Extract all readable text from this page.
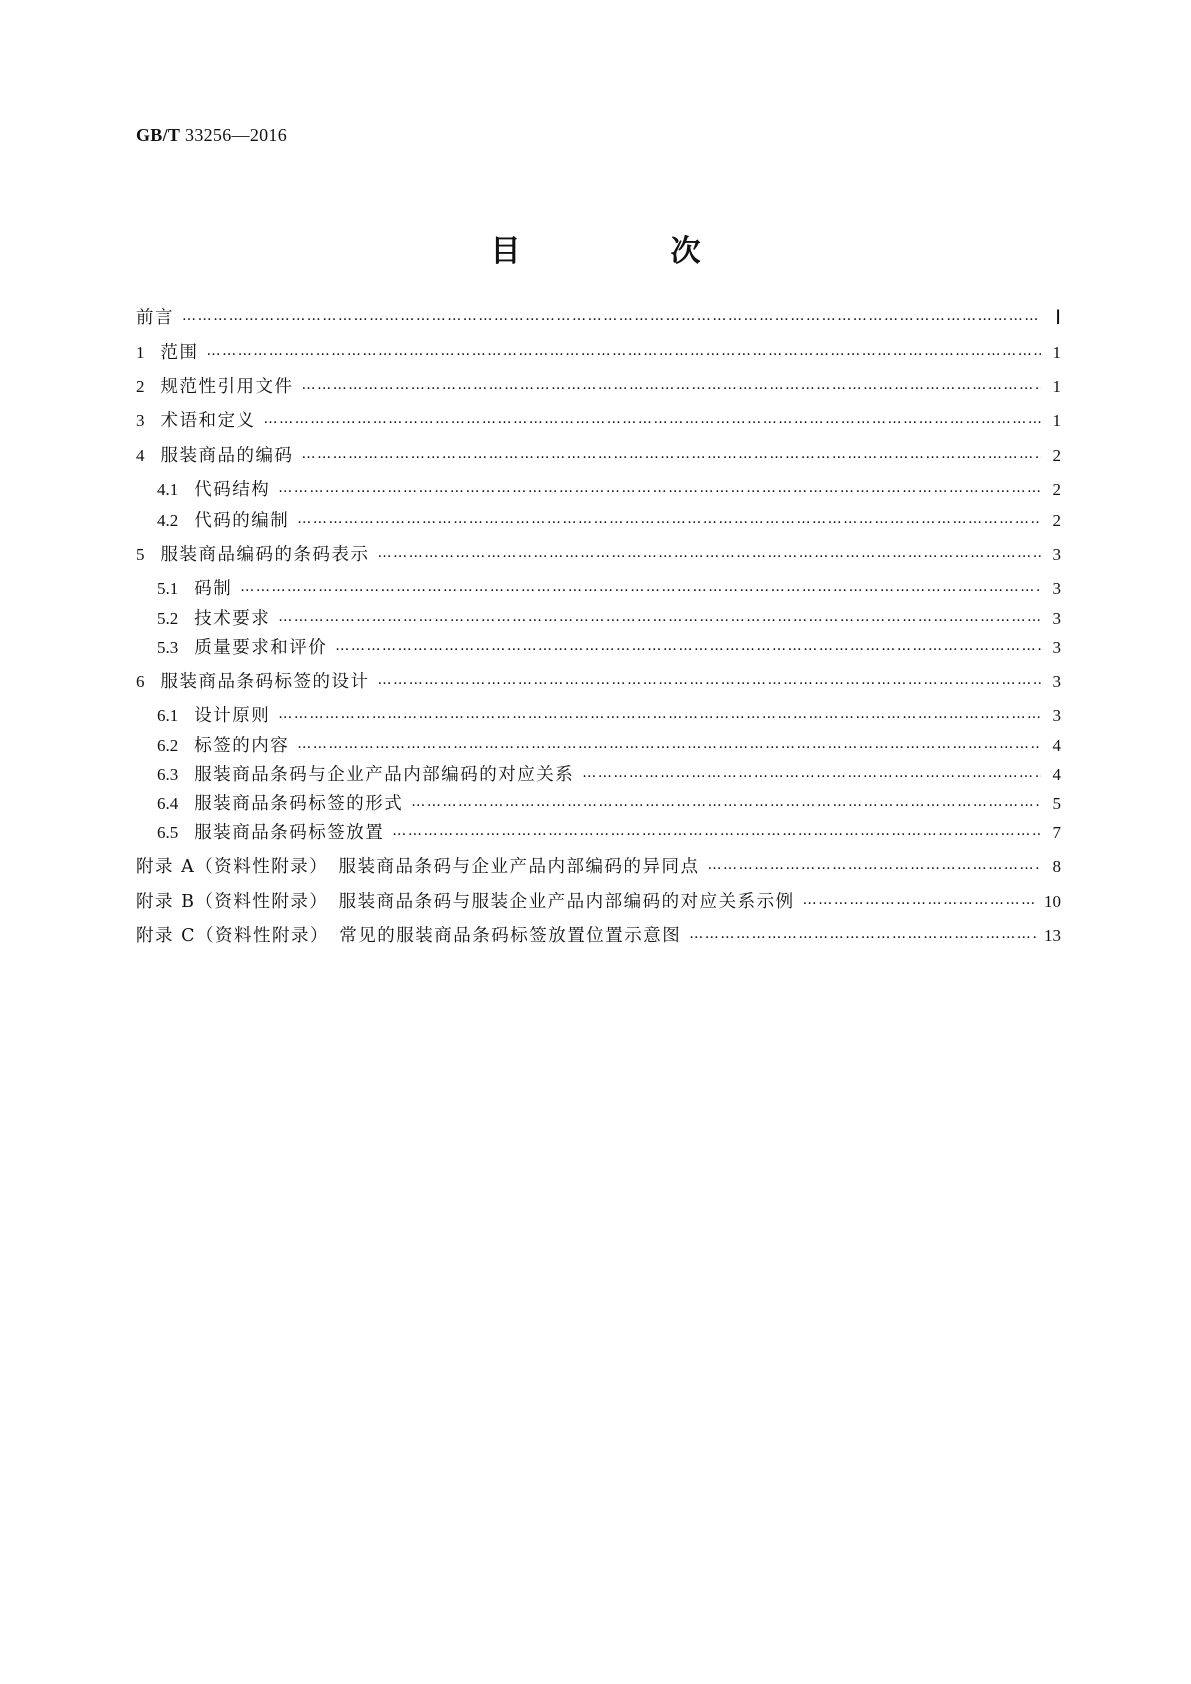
GB/T 33256—2016
目　次
前言 ……………………………………………………………………………………………………………………………………………………………………………………………	Ⅰ
1 范围 ……………………………………………………………………………………………………………………………………………………………………………………………	1
2 规范性引用文件 ……………………………………………………………………………………………………………………………………………………………………………………………	1
3 术语和定义 ……………………………………………………………………………………………………………………………………………………………………………………………	1
4 服装商品的编码 ……………………………………………………………………………………………………………………………………………………………………………………………	2
4.1 代码结构 ……………………………………………………………………………………………………………………………………………………………………………………………	2
4.2 代码的编制 ……………………………………………………………………………………………………………………………………………………………………………………………	2
5 服装商品编码的条码表示 ……………………………………………………………………………………………………………………………………………………………………………………………	3
5.1 码制 ……………………………………………………………………………………………………………………………………………………………………………………………	3
5.2 技术要求 ……………………………………………………………………………………………………………………………………………………………………………………………	3
5.3 质量要求和评价 ……………………………………………………………………………………………………………………………………………………………………………………………	3
6 服装商品条码标签的设计 ……………………………………………………………………………………………………………………………………………………………………………………………	3
6.1 设计原则 ……………………………………………………………………………………………………………………………………………………………………………………………	3
6.2 标签的内容 ……………………………………………………………………………………………………………………………………………………………………………………………	4
6.3 服装商品条码与企业产品内部编码的对应关系 ……………………………………………………………………………………………………………………………………………………………………………………………	4
6.4 服装商品条码标签的形式 ……………………………………………………………………………………………………………………………………………………………………………………………	5
6.5 服装商品条码标签放置 ……………………………………………………………………………………………………………………………………………………………………………………………	7
附录 A（资料性附录）　服装商品条码与企业产品内部编码的异同点 ……………………………………………………………………………………………………………………………………………………………………………………………	8
附录 B（资料性附录）　服装商品条码与服装企业产品内部编码的对应关系示例 ……………………………………………………………………………………………………………………………………………………………………………………………	10
附录 C（资料性附录）　常见的服装商品条码标签放置位置示意图 ……………………………………………………………………………………………………………………………………………………………………………………………	13
